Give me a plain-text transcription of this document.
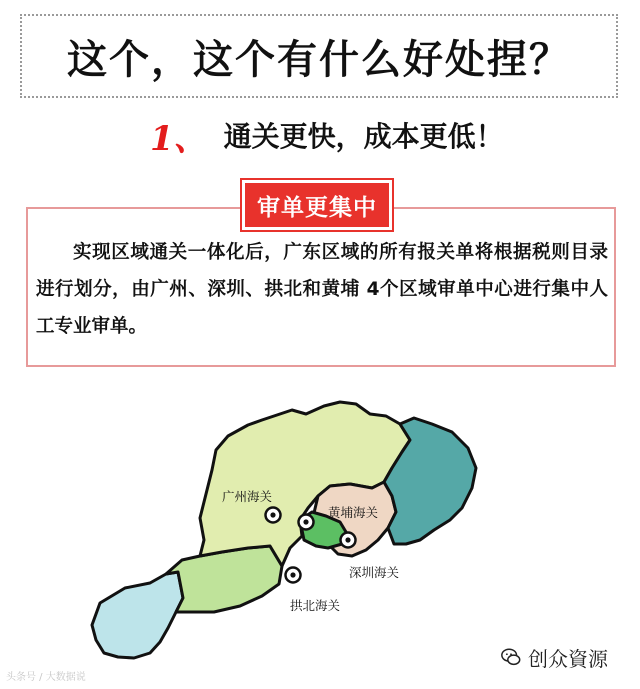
这个，这个有什么好处捏？
1、 通关更快，成本更低！
审单更集中
实现区域通关一体化后，广东区域的所有报关单将根据税则目录进行划分，由广州、深圳、拱北和黄埔 4个区域审单中心进行集中人工专业审单。
广州海关
黄埔海关
深圳海关
拱北海关
头条号 / 大数据说
创众資源
